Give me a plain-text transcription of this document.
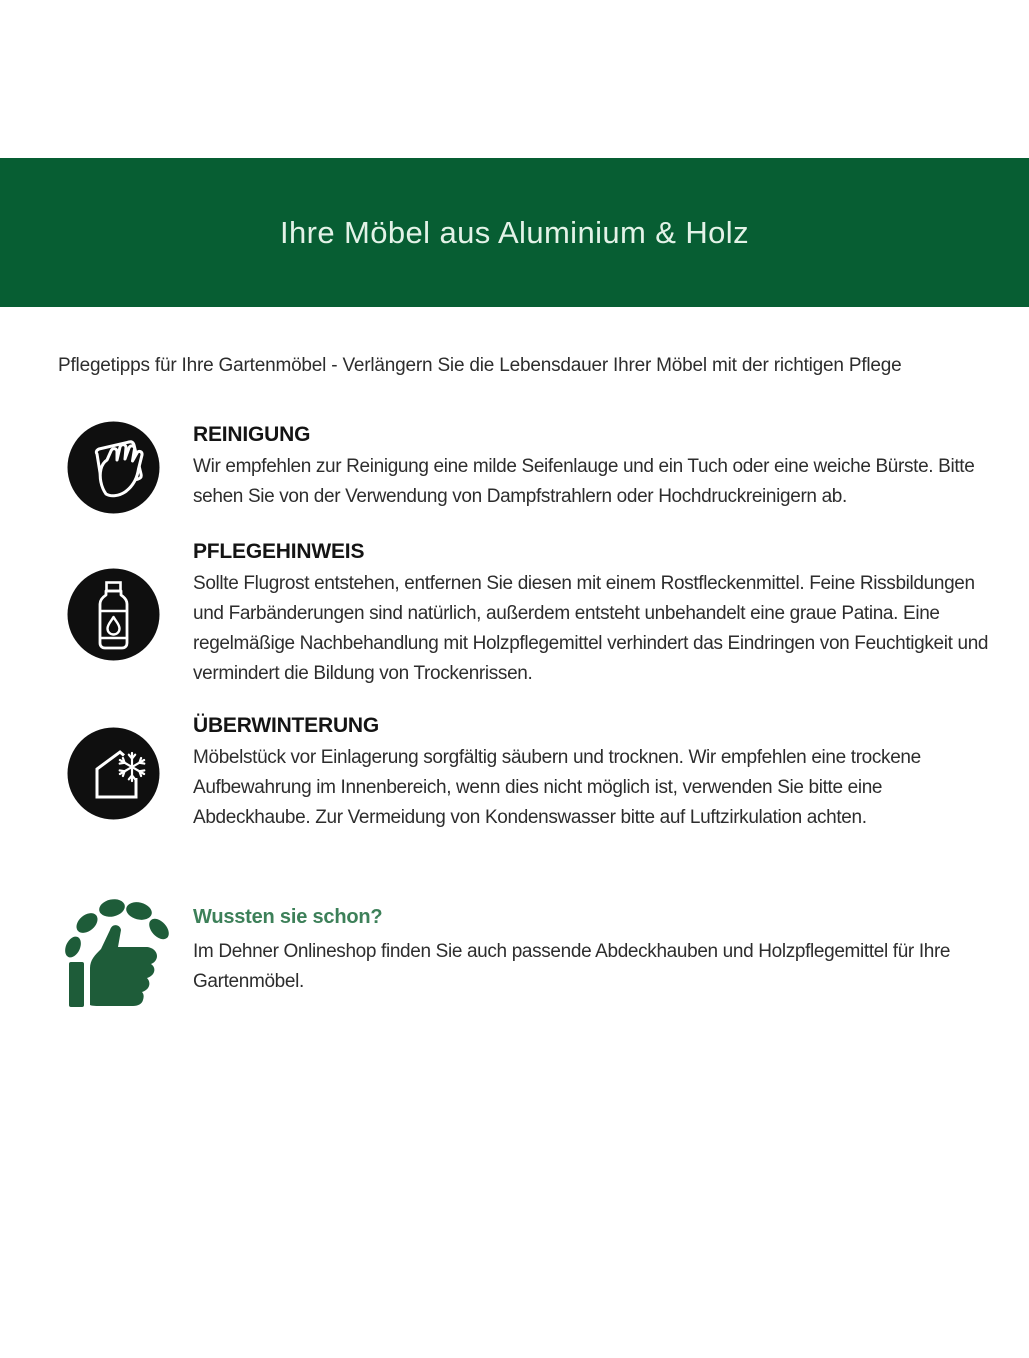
Ihre Möbel aus Aluminium & Holz

Pflegetipps für Ihre Gartenmöbel - Verlängern Sie die Lebensdauer Ihrer Möbel mit der richtigen Pflege

REINIGUNG

Wir empfehlen zur Reinigung eine milde Seifenlauge und ein Tuch oder eine weiche Bürste. Bitte sehen Sie von der Verwendung von Dampfstrahlern oder Hochdruckreinigern ab.

PFLEGEHINWEIS

Sollte Flugrost entstehen, entfernen Sie diesen mit einem Rostfleckenmittel. Feine Rissbildungen und Farbänderungen sind natürlich, außerdem entsteht unbehandelt eine graue Patina. Eine regelmäßige Nachbehandlung mit Holzpflegemittel verhindert das Eindringen von Feuchtigkeit und vermindert die Bildung von Trockenrissen.

ÜBERWINTERUNG

Möbelstück vor Einlagerung sorgfältig säubern und trocknen. Wir empfehlen eine trockene Aufbewahrung im Innenbereich, wenn dies nicht möglich ist, verwenden Sie bitte eine Abdeckhaube. Zur Vermeidung von Kondenswasser bitte auf Luftzirkulation achten.

Wussten sie schon?

Im Dehner Onlineshop finden Sie auch passende Abdeckhauben und Holzpflegemittel für Ihre Gartenmöbel.
